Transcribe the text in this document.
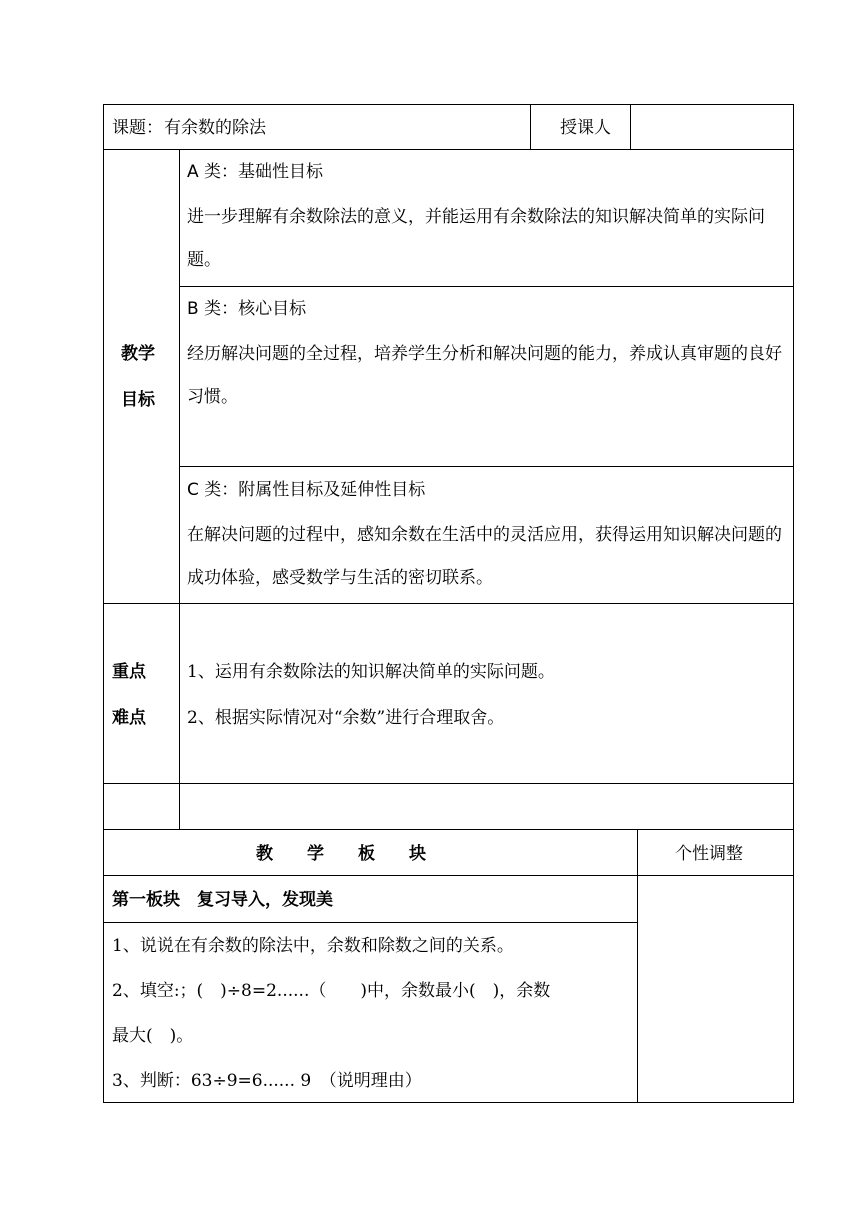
课题： 有余数的除法	授课人
教学
目标
A 类：基础性目标
进一步理解有余数除法的意义，并能运用有余数除法的知识解决简单的实际问题。
B 类：核心目标
经历解决问题的全过程，培养学生分析和解决问题的能力，养成认真审题的良好习惯。
C 类：附属性目标及延伸性目标
在解决问题的过程中，感知余数在生活中的灵活应用，获得运用知识解决问题的成功体验，感受数学与生活的密切联系。
重点
难点
1、运用有余数除法的知识解决简单的实际问题。
2、根据实际情况对“余数”进行合理取舍。
教　　学　　板　　块	个性调整
第一板块　复习导入，发现美
1、说说在有余数的除法中，余数和除数之间的关系。
2、填空:；(　)÷8=2......（　　)中，余数最小(　)，余数
最大(　)。
3、判断：63÷9=6...... 9　（说明理由）
